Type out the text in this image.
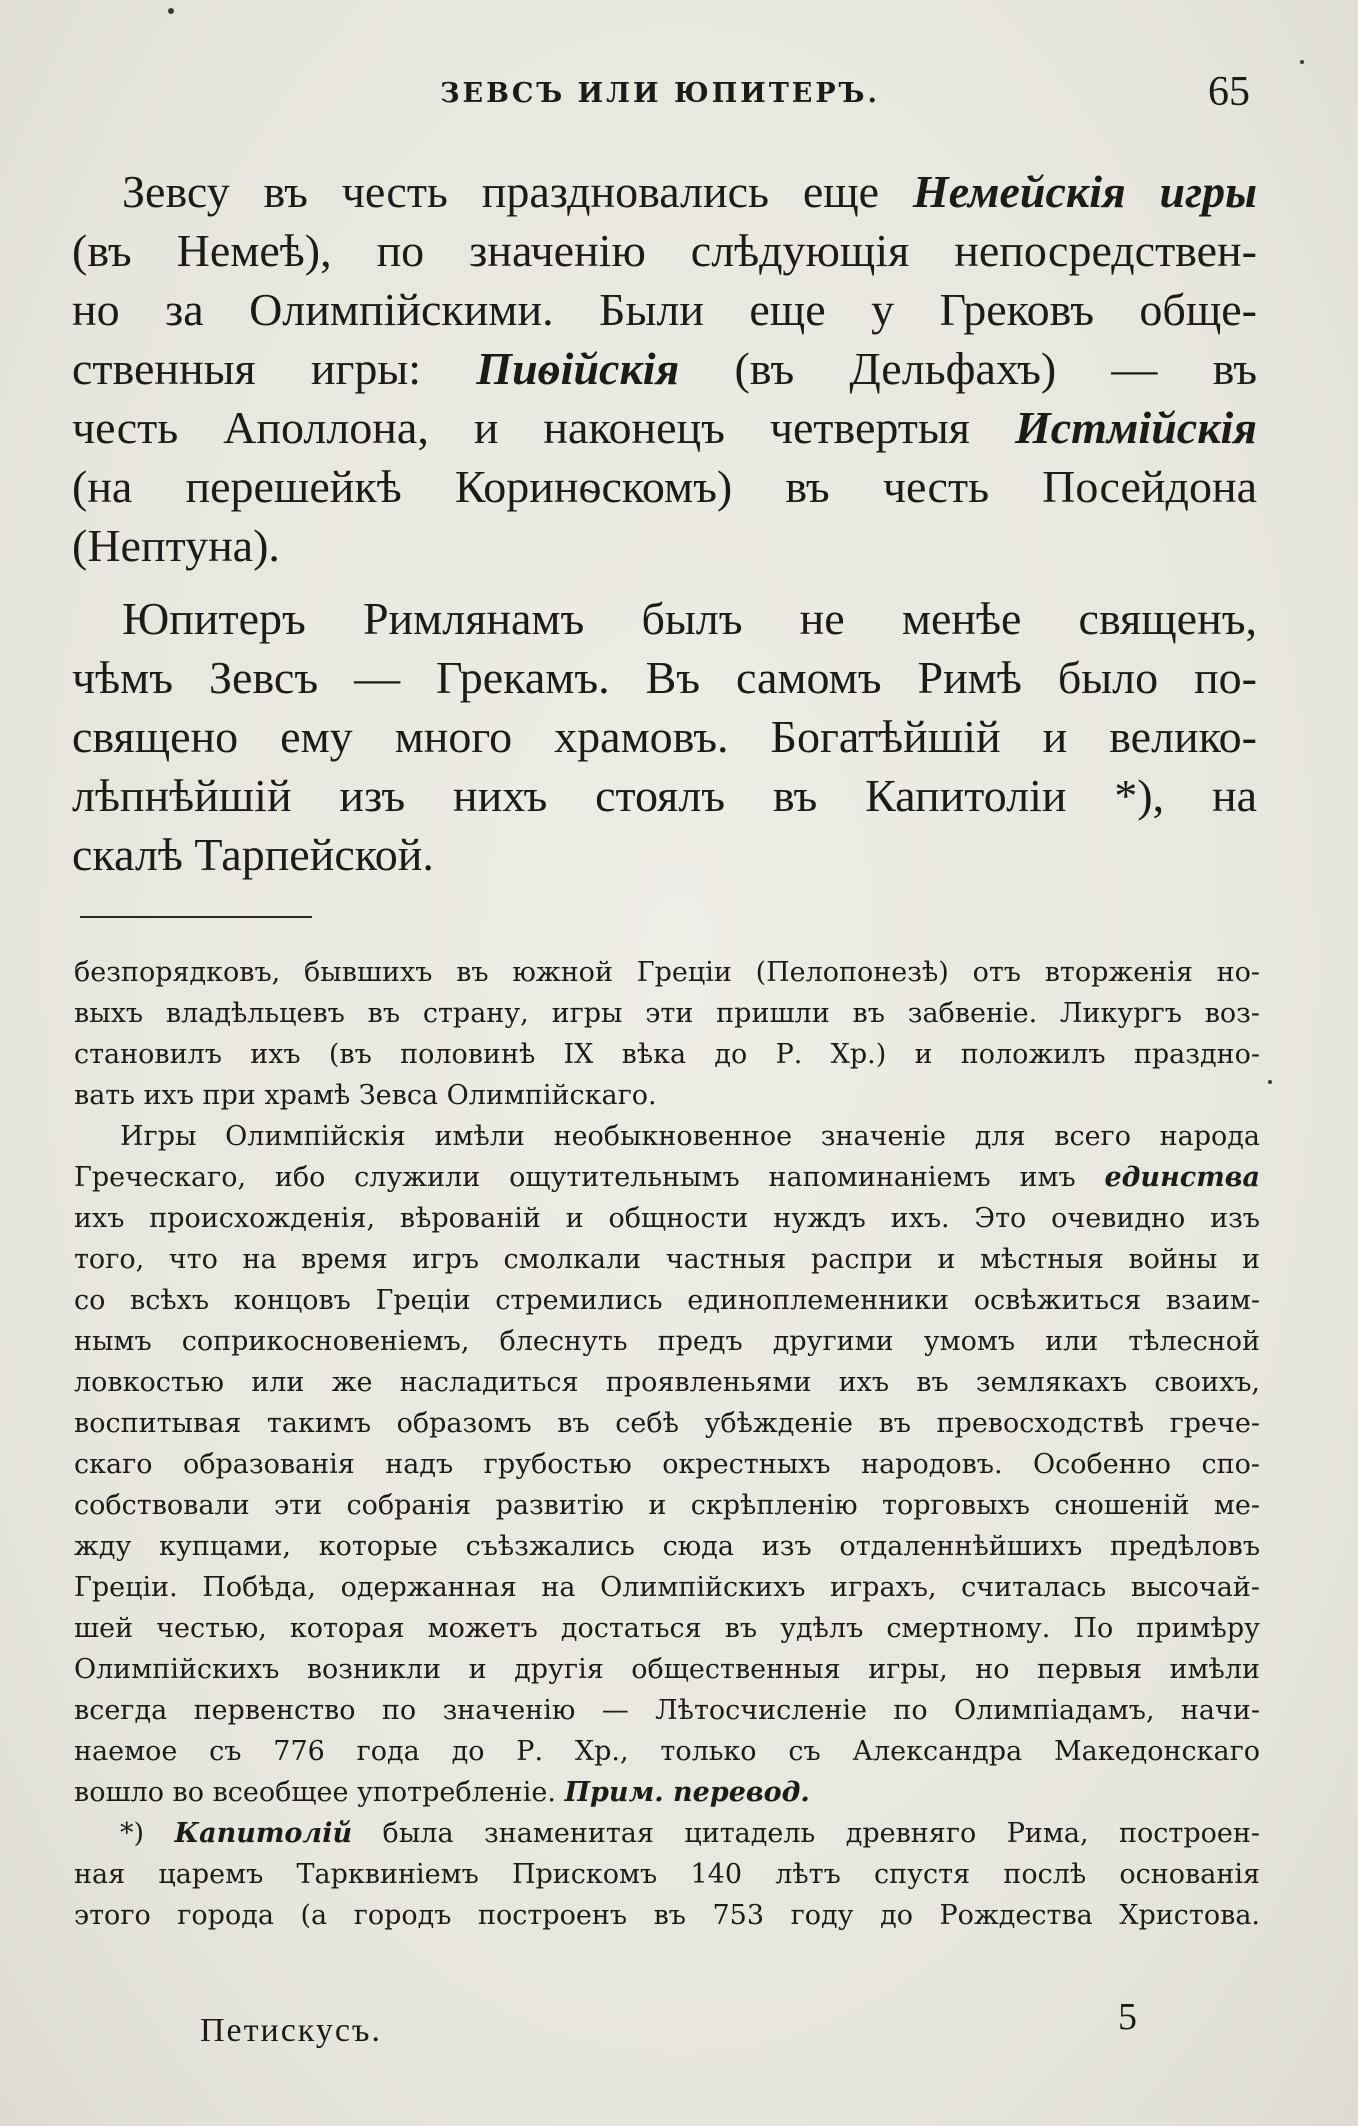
ЗЕВСЪ ИЛИ ЮПИТЕРЪ.	65
Зевсу въ честь праздновались еще Немейскія игры
(въ Немеѣ), по значенію слѣдующія непосредствен-
но за Олимпійскими. Были еще у Грековъ обще-
ственныя игры: Пиѳійскія (въ Дельфахъ) — въ
честь Аполлона, и наконецъ четвертыя Истмійскія
(на перешейкѣ Коринѳскомъ) въ честь Посейдона
(Нептуна).
Юпитеръ Римлянамъ былъ не менѣе священъ,
чѣмъ Зевсъ — Грекамъ. Въ самомъ Римѣ было по-
священо ему много храмовъ. Богатѣйшій и велико-
лѣпнѣйшій изъ нихъ стоялъ въ Капитоліи *), на
скалѣ Тарпейской.
безпорядковъ, бывшихъ въ южной Греціи (Пелопонезѣ) отъ вторженія но-
выхъ владѣльцевъ въ страну, игры эти пришли въ забвеніе. Ликургъ воз-
становилъ ихъ (въ половинѣ IX вѣка до Р. Хр.) и положилъ праздно-
вать ихъ при храмѣ Зевса Олимпійскаго.
Игры Олимпійскія имѣли необыкновенное значеніе для всего народа
Греческаго, ибо служили ощутительнымъ напоминаніемъ имъ единства
ихъ происхожденія, вѣрованій и общности нуждъ ихъ. Это очевидно изъ
того, что на время игръ смолкали частныя распри и мѣстныя войны и
со всѣхъ концовъ Греціи стремились единоплеменники освѣжиться взаим-
нымъ соприкосновеніемъ, блеснуть предъ другими умомъ или тѣлесной
ловкостью или же насладиться проявленьями ихъ въ землякахъ своихъ,
воспитывая такимъ образомъ въ себѣ убѣжденіе въ превосходствѣ грече-
скаго образованія надъ грубостью окрестныхъ народовъ. Особенно спо-
собствовали эти собранія развитію и скрѣпленію торговыхъ сношеній ме-
жду купцами, которые съѣзжались сюда изъ отдаленнѣйшихъ предѣловъ
Греціи. Побѣда, одержанная на Олимпійскихъ играхъ, считалась высочай-
шей честью, которая можетъ достаться въ удѣлъ смертному. По примѣру
Олимпійскихъ возникли и другія общественныя игры, но первыя имѣли
всегда первенство по значенію — Лѣтосчисленіе по Олимпіадамъ, начи-
наемое съ 776 года до Р. Хр., только съ Александра Македонскаго
вошло во всеобщее употребленіе. Прим. перевод.
*) Капитолій была знаменитая цитадель древняго Рима, построен-
ная царемъ Тарквиніемъ Прискомъ 140 лѣтъ спустя послѣ основанія
этого города (а городъ построенъ въ 753 году до Рождества Христова.
Петискусъ.	5
